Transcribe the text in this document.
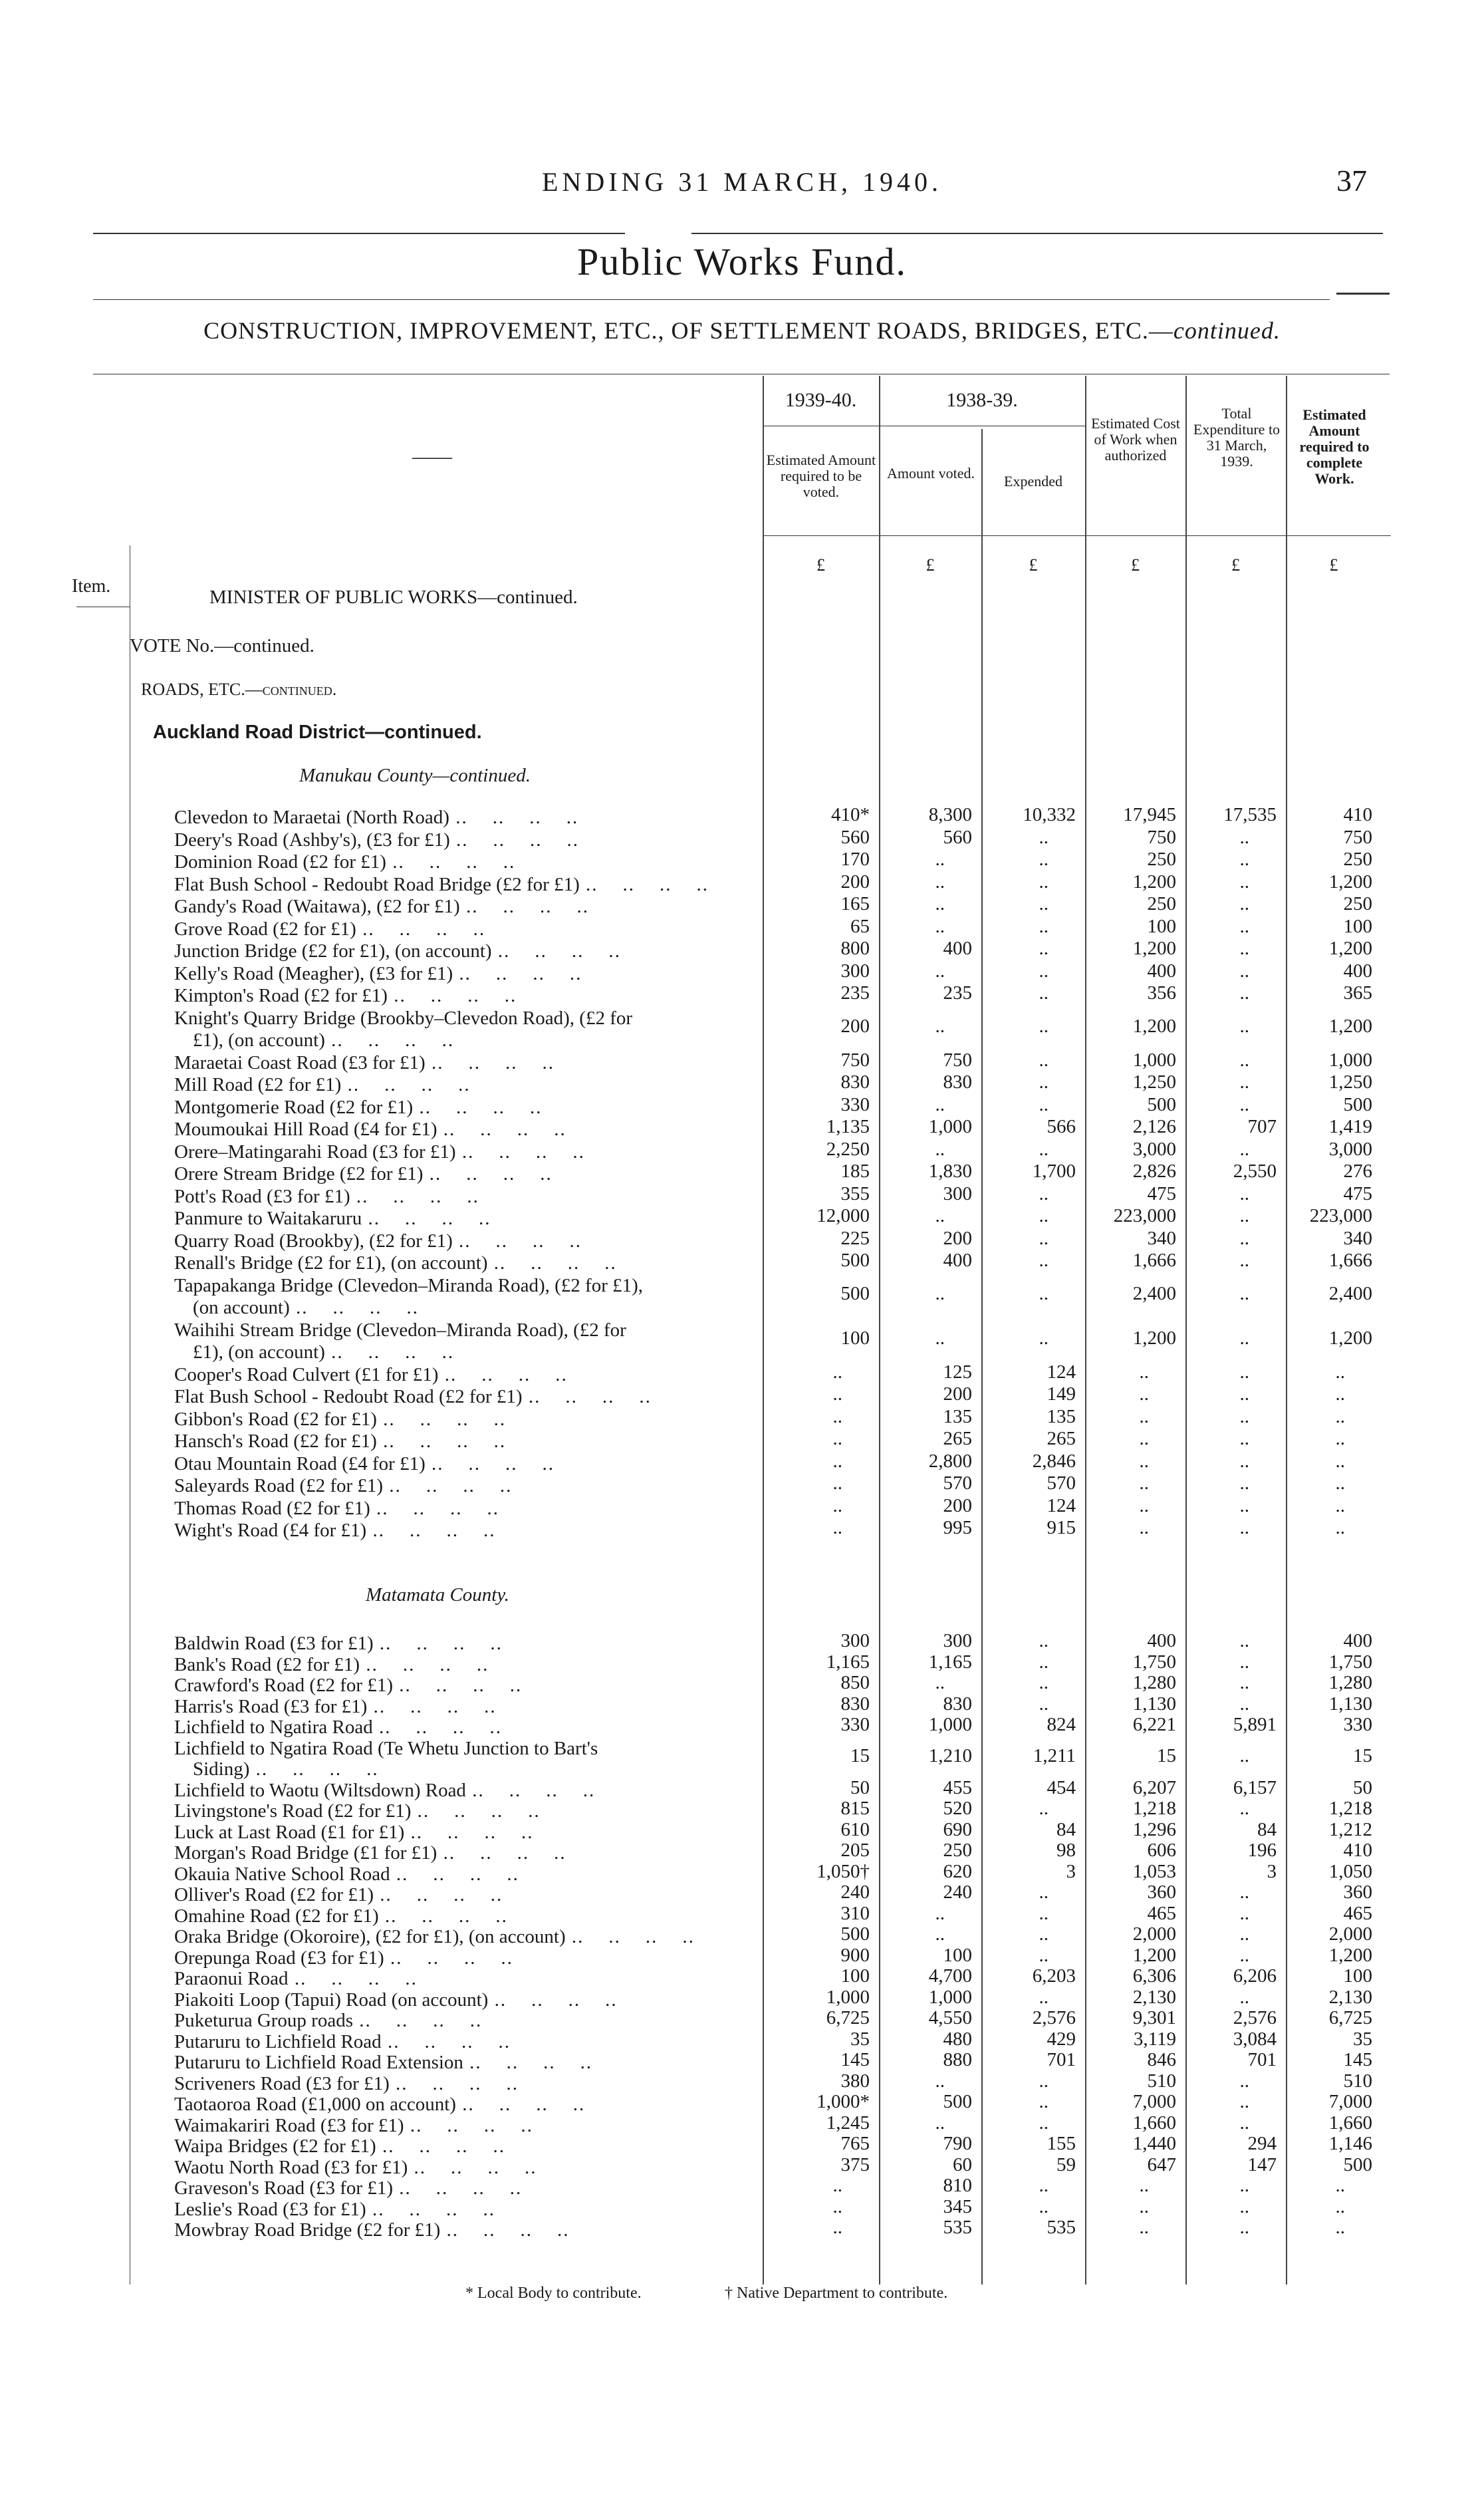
ENDING 31 MARCH, 1940.	37
Public Works Fund.
CONSTRUCTION, IMPROVEMENT, ETC., OF SETTLEMENT ROADS, BRIDGES, ETC.—continued.
——
1939-40.	1938-39.
Estimated Amount required to be voted.
Amount voted.	Expended
Estimated Cost of Work when authorized
Total Expenditure to 31 March, 1939.
Estimated Amount required to complete Work.
£	£	£	£	£	£
Item.
MINISTER OF PUBLIC WORKS—continued.
VOTE No.—continued.
ROADS, ETC.—continued.
Auckland Road District—continued.
Manukau County—continued.
Matamata County.
Clevedon to Maraetai (North Road) ..	410*	8,300	10,332	17,945	17,535	410
Deery's Road (Ashby's), (£3 for £1) ..	560	560	..	750	..	750
Dominion Road (£2 for £1) ..	170	..	..	250	..	250
Flat Bush School - Redoubt Road Bridge (£2 for £1) ..	200	..	..	1,200	..	1,200
Gandy's Road (Waitawa), (£2 for £1) ..	165	..	..	250	..	250
Grove Road (£2 for £1) ..	65	..	..	100	..	100
Junction Bridge (£2 for £1), (on account) ..	800	400	..	1,200	..	1,200
Kelly's Road (Meagher), (£3 for £1) ..	300	..	..	400	..	400
Kimpton's Road (£2 for £1) ..	235	235	..	356	..	365
Knight's Quarry Bridge (Brookby–Clevedon Road), (£2 for
£1), (on account) ..
200	..	..	1,200	..	1,200
Maraetai Coast Road (£3 for £1) ..	750	750	..	1,000	..	1,000
Mill Road (£2 for £1) ..	830	830	..	1,250	..	1,250
Montgomerie Road (£2 for £1) ..	330	..	..	500	..	500
Moumoukai Hill Road (£4 for £1) ..	1,135	1,000	566	2,126	707	1,419
Orere–Matingarahi Road (£3 for £1) ..	2,250	..	..	3,000	..	3,000
Orere Stream Bridge (£2 for £1) ..	185	1,830	1,700	2,826	2,550	276
Pott's Road (£3 for £1) ..	355	300	..	475	..	475
Panmure to Waitakaruru ..	12,000	..	..	223,000	..	223,000
Quarry Road (Brookby), (£2 for £1) ..	225	200	..	340	..	340
Renall's Bridge (£2 for £1), (on account) ..	500	400	..	1,666	..	1,666
Tapapakanga Bridge (Clevedon–Miranda Road), (£2 for £1),
(on account) ..
500	..	..	2,400	..	2,400
Waihihi Stream Bridge (Clevedon–Miranda Road), (£2 for
£1), (on account) ..
100	..	..	1,200	..	1,200
Cooper's Road Culvert (£1 for £1) ..	..	125	124	..	..	..
Flat Bush School - Redoubt Road (£2 for £1) ..	..	200	149	..	..	..
Gibbon's Road (£2 for £1) ..	..	135	135	..	..	..
Hansch's Road (£2 for £1) ..	..	265	265	..	..	..
Otau Mountain Road (£4 for £1) ..	..	2,800	2,846	..	..	..
Saleyards Road (£2 for £1) ..	..	570	570	..	..	..
Thomas Road (£2 for £1) ..	..	200	124	..	..	..
Wight's Road (£4 for £1) ..	..	995	915	..	..	..
Baldwin Road (£3 for £1) ..	300	300	..	400	..	400
Bank's Road (£2 for £1) ..	1,165	1,165	..	1,750	..	1,750
Crawford's Road (£2 for £1) ..	850	..	..	1,280	..	1,280
Harris's Road (£3 for £1) ..	830	830	..	1,130	..	1,130
Lichfield to Ngatira Road ..	330	1,000	824	6,221	5,891	330
Lichfield to Ngatira Road (Te Whetu Junction to Bart's
Siding) ..
15	1,210	1,211	15	..	15
Lichfield to Waotu (Wiltsdown) Road ..	50	455	454	6,207	6,157	50
Livingstone's Road (£2 for £1) ..	815	520	..	1,218	..	1,218
Luck at Last Road (£1 for £1) ..	610	690	84	1,296	84	1,212
Morgan's Road Bridge (£1 for £1) ..	205	250	98	606	196	410
Okauia Native School Road ..	1,050†	620	3	1,053	3	1,050
Olliver's Road (£2 for £1) ..	240	240	..	360	..	360
Omahine Road (£2 for £1) ..	310	..	..	465	..	465
Oraka Bridge (Okoroire), (£2 for £1), (on account) ..	500	..	..	2,000	..	2,000
Orepunga Road (£3 for £1) ..	900	100	..	1,200	..	1,200
Paraonui Road ..	100	4,700	6,203	6,306	6,206	100
Piakoiti Loop (Tapui) Road (on account) ..	1,000	1,000	..	2,130	..	2,130
Puketurua Group roads ..	6,725	4,550	2,576	9,301	2,576	6,725
Putaruru to Lichfield Road ..	35	480	429	3,119	3,084	35
Putaruru to Lichfield Road Extension ..	145	880	701	846	701	145
Scriveners Road (£3 for £1) ..	380	..	..	510	..	510
Taotaoroa Road (£1,000 on account) ..	1,000*	500	..	7,000	..	7,000
Waimakariri Road (£3 for £1) ..	1,245	..	..	1,660	..	1,660
Waipa Bridges (£2 for £1) ..	765	790	155	1,440	294	1,146
Waotu North Road (£3 for £1) ..	375	60	59	647	147	500
Graveson's Road (£3 for £1) ..	..	810	..	..	..	..
Leslie's Road (£3 for £1) ..	..	345	..	..	..	..
Mowbray Road Bridge (£2 for £1) ..	..	535	535	..	..	..
* Local Body to contribute.	† Native Department to contribute.
